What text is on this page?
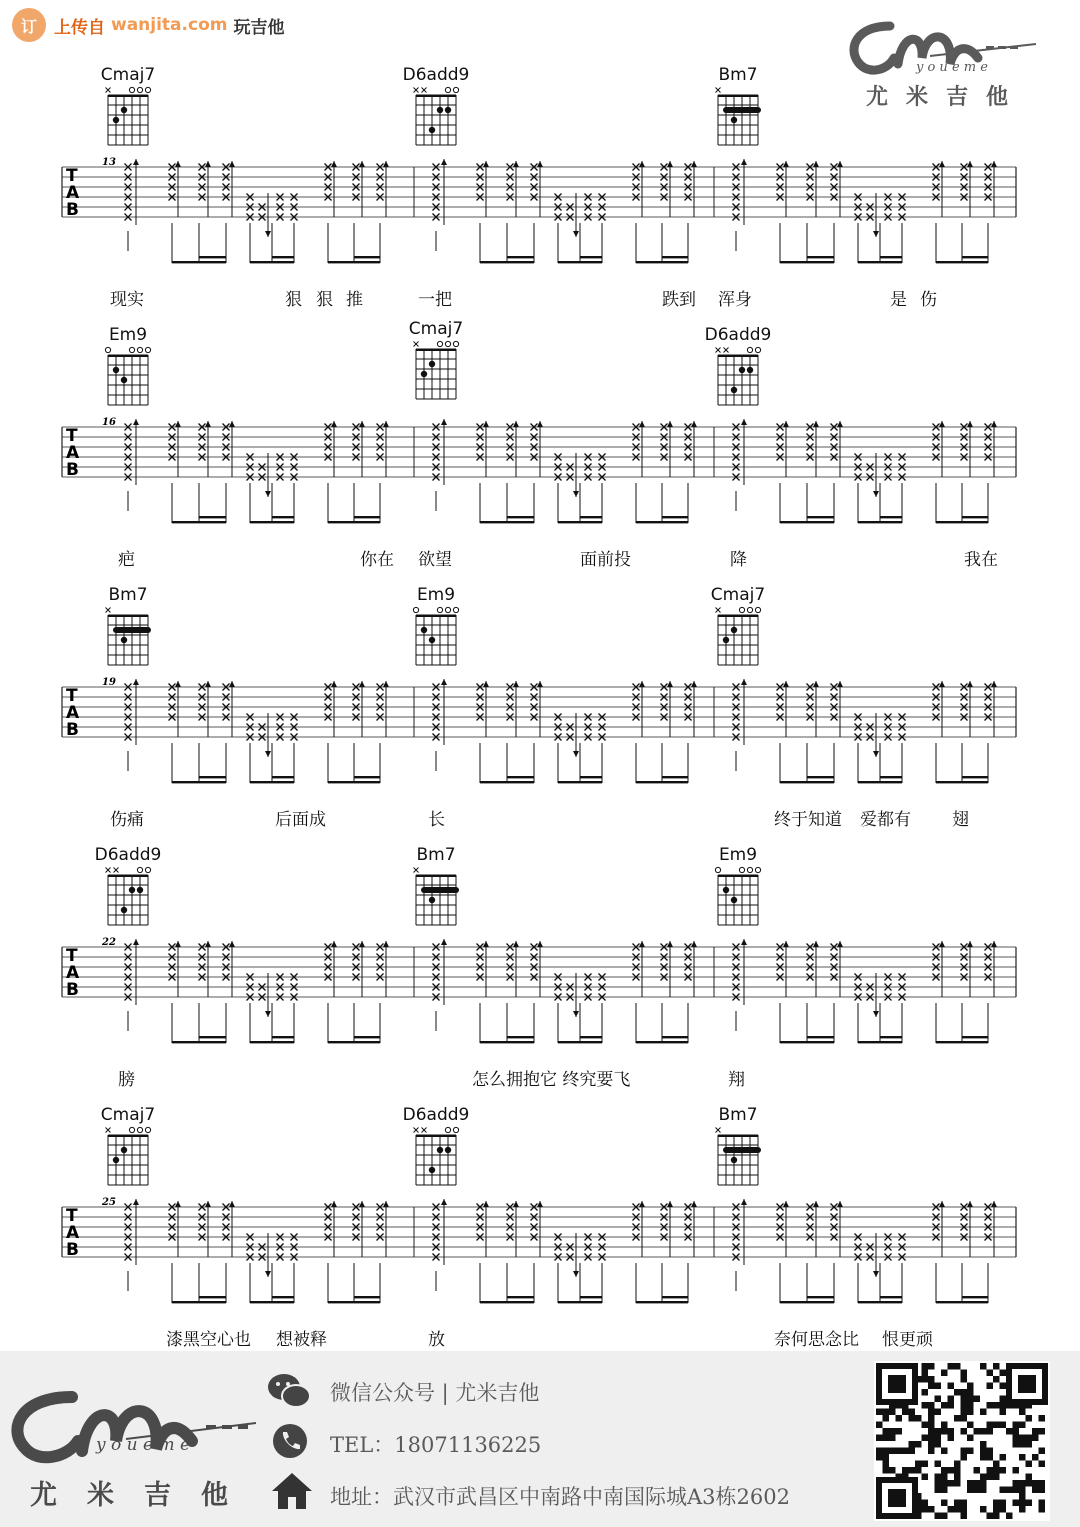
订	上传自 wanjita.com 玩吉他
y o u e m e
尤米吉他
Cmaj7	D6add9	Bm7
T
A
B
13
现实	狠 狠 推	一把	跌到 浑身	是 伤
Em9	Cmaj7	D6add9
T
A
B
16
疤	你在 欲望	面前投	降	我在
Bm7	Em9	Cmaj7
T
A
B
19
伤痛	后面成	长	终于知道 爱都有 翅
D6add9	Bm7	Em9
T
A
B
22
膀	怎么拥抱它 终究要飞	翔
Cmaj7	D6add9	Bm7
T
A
B
25
漆黑空心也 想被释	放	奈何思念比 恨更顽
y o u e m e
尤米吉他
微信公众号 | 尤米吉他
TEL：18071136225
地址：武汉市武昌区中南路中南国际城A3栋2602
